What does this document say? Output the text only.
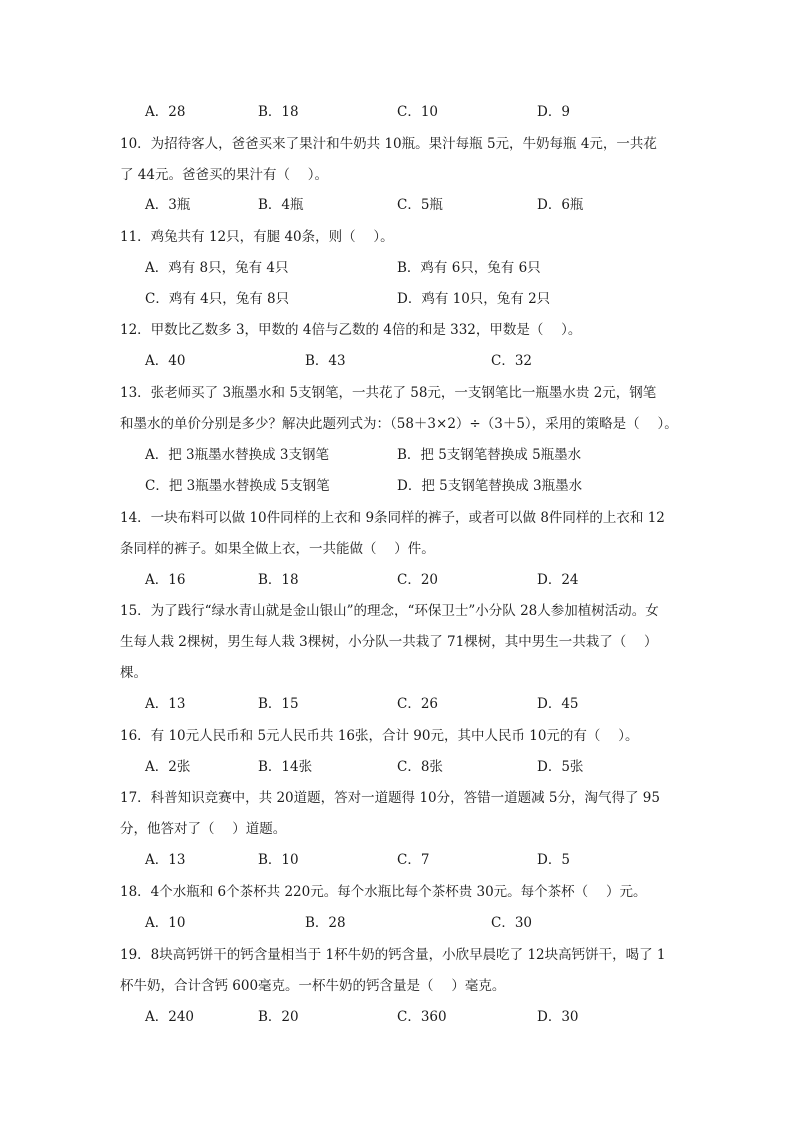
A．28	B．18	C．10	D．9
10．为招待客人，爸爸买来了果汁和牛奶共 10瓶。果汁每瓶 5元，牛奶每瓶 4元，一共花
了 44元。爸爸买的果汁有（　 ）。
A．3瓶	B．4瓶	C．5瓶	D．6瓶
11．鸡兔共有 12只，有腿 40条，则（　 ）。
A．鸡有 8只，兔有 4只	B．鸡有 6只，兔有 6只
C．鸡有 4只，兔有 8只	D．鸡有 10只，兔有 2只
12．甲数比乙数多 3，甲数的 4倍与乙数的 4倍的和是 332，甲数是（　 ）。
A．40	B．43	C．32
13．张老师买了 3瓶墨水和 5支钢笔，一共花了 58元，一支钢笔比一瓶墨水贵 2元，钢笔
和墨水的单价分别是多少？解决此题列式为：（58＋3×2）÷（3＋5），采用的策略是（　 ）。
A．把 3瓶墨水替换成 3支钢笔	B．把 5支钢笔替换成 5瓶墨水
C．把 3瓶墨水替换成 5支钢笔	D．把 5支钢笔替换成 3瓶墨水
14．一块布料可以做 10件同样的上衣和 9条同样的裤子，或者可以做 8件同样的上衣和 12
条同样的裤子。如果全做上衣，一共能做（　 ）件。
A．16	B．18	C．20	D．24
15．为了践行“绿水青山就是金山银山”的理念，“环保卫士”小分队 28人参加植树活动。女
生每人栽 2棵树，男生每人栽 3棵树，小分队一共栽了 71棵树，其中男生一共栽了（　 ）
棵。
A．13	B．15	C．26	D．45
16．有 10元人民币和 5元人民币共 16张，合计 90元，其中人民币 10元的有（　 ）。
A．2张	B．14张	C．8张	D．5张
17．科普知识竞赛中，共 20道题，答对一道题得 10分，答错一道题减 5分，淘气得了 95
分，他答对了（　 ）道题。
A．13	B．10	C．7	D．5
18．4个水瓶和 6个茶杯共 220元。每个水瓶比每个茶杯贵 30元。每个茶杯（　 ）元。
A．10	B．28	C．30
19．8块高钙饼干的钙含量相当于 1杯牛奶的钙含量，小欣早晨吃了 12块高钙饼干，喝了 1
杯牛奶，合计含钙 600毫克。一杯牛奶的钙含量是（　 ）毫克。
A．240	B．20	C．360	D．30
